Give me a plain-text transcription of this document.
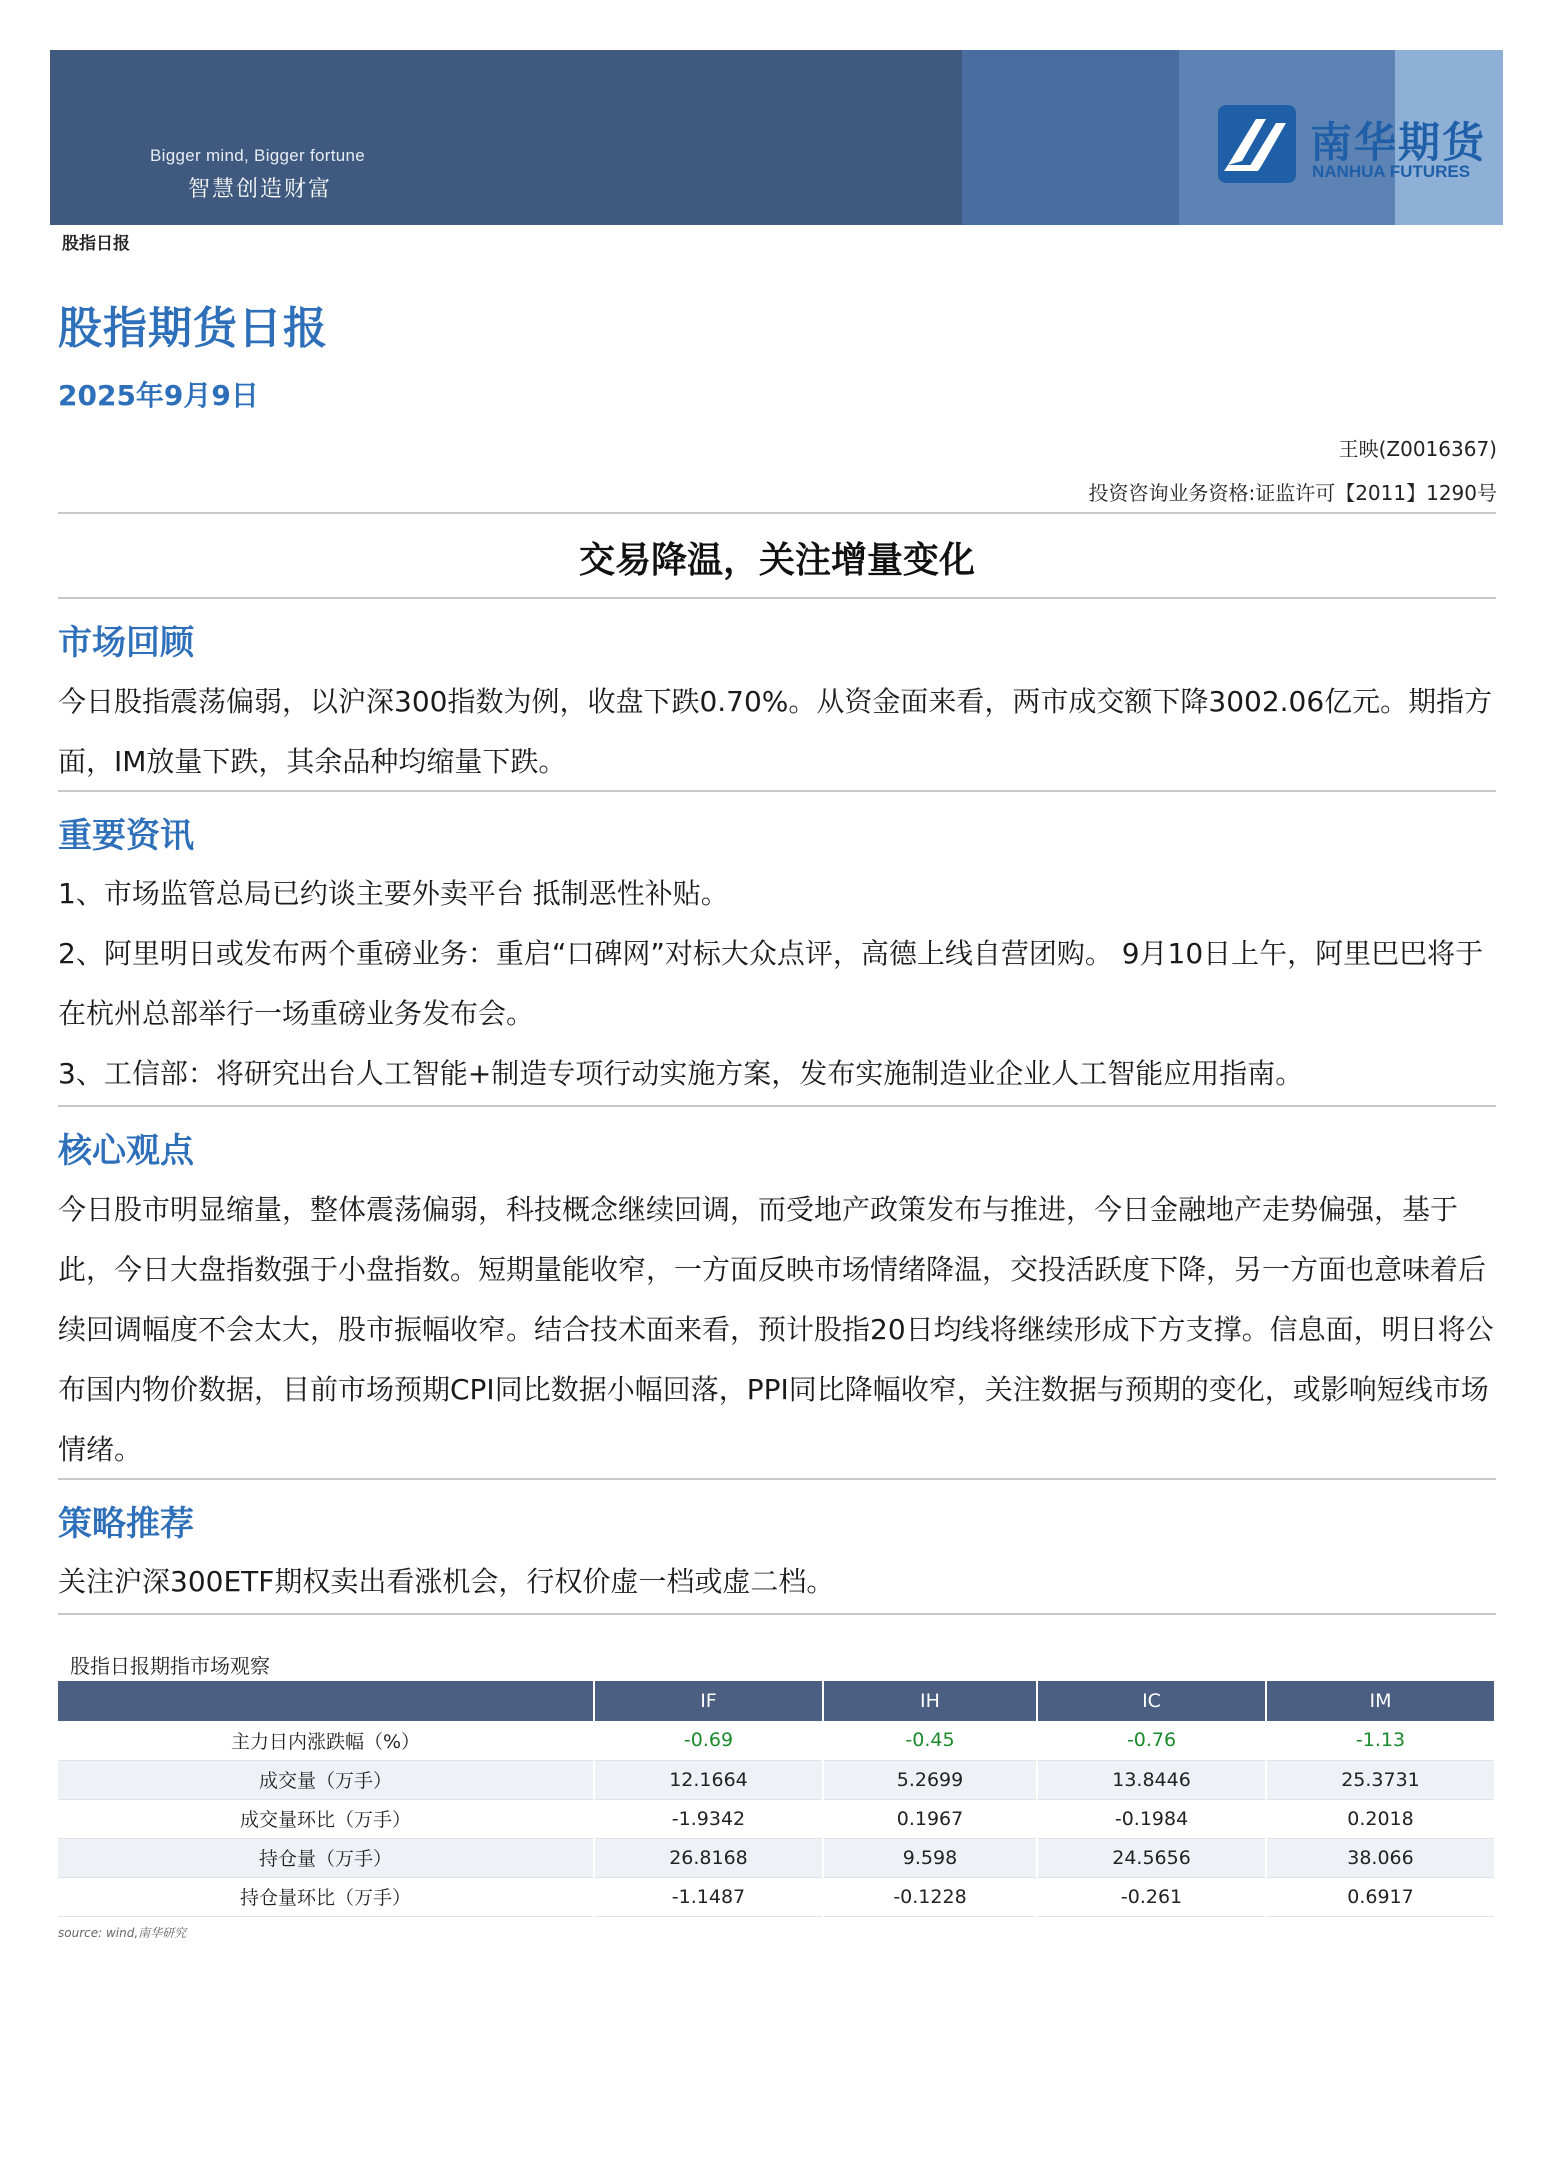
Bigger mind, Bigger fortune
智慧创造财富
南华期货
NANHUA FUTURES
股指日报
股指期货日报
2025年9月9日
王映(Z0016367)
投资咨询业务资格:证监许可【2011】1290号
交易降温，关注增量变化
市场回顾
今日股指震荡偏弱，以沪深300指数为例，收盘下跌0.70%。从资金面来看，两市成交额下降3002.06亿元。期指方面，IM放量下跌，其余品种均缩量下跌。
重要资讯
1、市场监管总局已约谈主要外卖平台 抵制恶性补贴。
2、阿里明日或发布两个重磅业务：重启“口碑网”对标大众点评，高德上线自营团购。 9月10日上午，阿里巴巴将于在杭州总部举行一场重磅业务发布会。
3、工信部：将研究出台人工智能+制造专项行动实施方案，发布实施制造业企业人工智能应用指南。
核心观点
今日股市明显缩量，整体震荡偏弱，科技概念继续回调，而受地产政策发布与推进，今日金融地产走势偏强，基于此，今日大盘指数强于小盘指数。短期量能收窄，一方面反映市场情绪降温，交投活跃度下降，另一方面也意味着后续回调幅度不会太大，股市振幅收窄。结合技术面来看，预计股指20日均线将继续形成下方支撑。信息面，明日将公布国内物价数据，目前市场预期CPI同比数据小幅回落，PPI同比降幅收窄，关注数据与预期的变化，或影响短线市场情绪。
策略推荐
关注沪深300ETF期权卖出看涨机会，行权价虚一档或虚二档。
股指日报期指市场观察
	IF	IH	IC	IM
主力日内涨跌幅（%）	-0.69	-0.45	-0.76	-1.13
成交量（万手）	12.1664	5.2699	13.8446	25.3731
成交量环比（万手）	-1.9342	0.1967	-0.1984	0.2018
持仓量（万手）	26.8168	9.598	24.5656	38.066
持仓量环比（万手）	-1.1487	-0.1228	-0.261	0.6917
source: wind,南华研究
